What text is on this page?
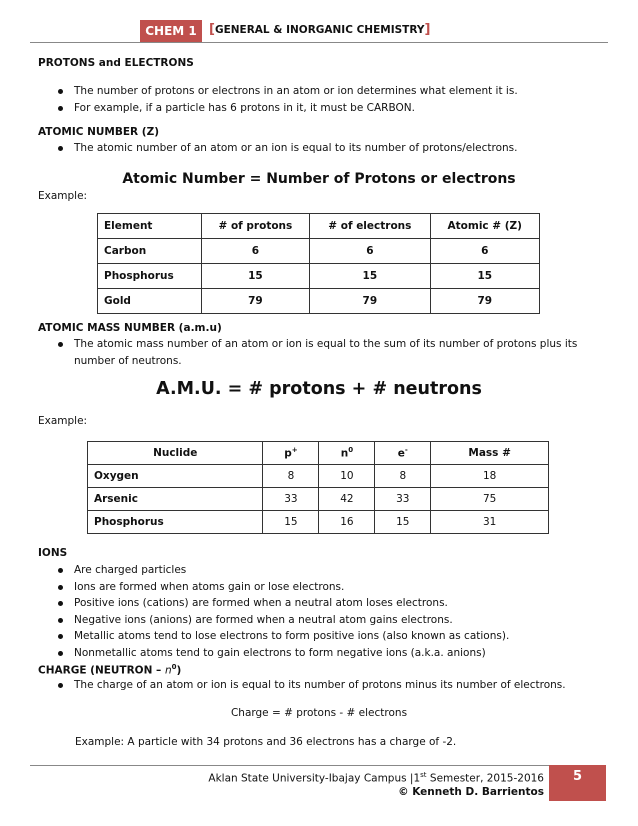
CHEM 1 [GENERAL & INORGANIC CHEMISTRY]
PROTONS and ELECTRONS
The number of protons or electrons in an atom or ion determines what element it is.
For example, if a particle has 6 protons in it, it must be CARBON.
ATOMIC NUMBER (Z)
The atomic number of an atom or an ion is equal to its number of protons/electrons.
Atomic Number = Number of Protons or electrons
Example:
Element	# of protons	# of electrons	Atomic # (Z)
Carbon	6	6	6
Phosphorus	15	15	15
Gold	79	79	79
ATOMIC MASS NUMBER (a.m.u)
The atomic mass number of an atom or ion is equal to the sum of its number of protons plus its
number of neutrons.
A.M.U. = # protons + # neutrons
Example:
Nuclide	p+	$n^0$	e-	Mass #
Oxygen	8	10	8	18
Arsenic	33	42	33	75
Phosphorus	15	16	15	31
IONS
Are charged particles
Ions are formed when atoms gain or lose electrons.
Positive ions (cations) are formed when a neutral atom loses electrons.
Negative ions (anions) are formed when a neutral atom gains electrons.
Metallic atoms tend to lose electrons to form positive ions (also known as cations).
Nonmetallic atoms tend to gain electrons to form negative ions (a.k.a. anions)
CHARGE (NEUTRON – $n^0$)
The charge of an atom or ion is equal to its number of protons minus its number of electrons.
Charge = # protons - # electrons
Example: A particle with 34 protons and 36 electrons has a charge of -2.
Aklan State University-Ibajay Campus |1st Semester, 2015-2016
© Kenneth D. Barrientos
5
